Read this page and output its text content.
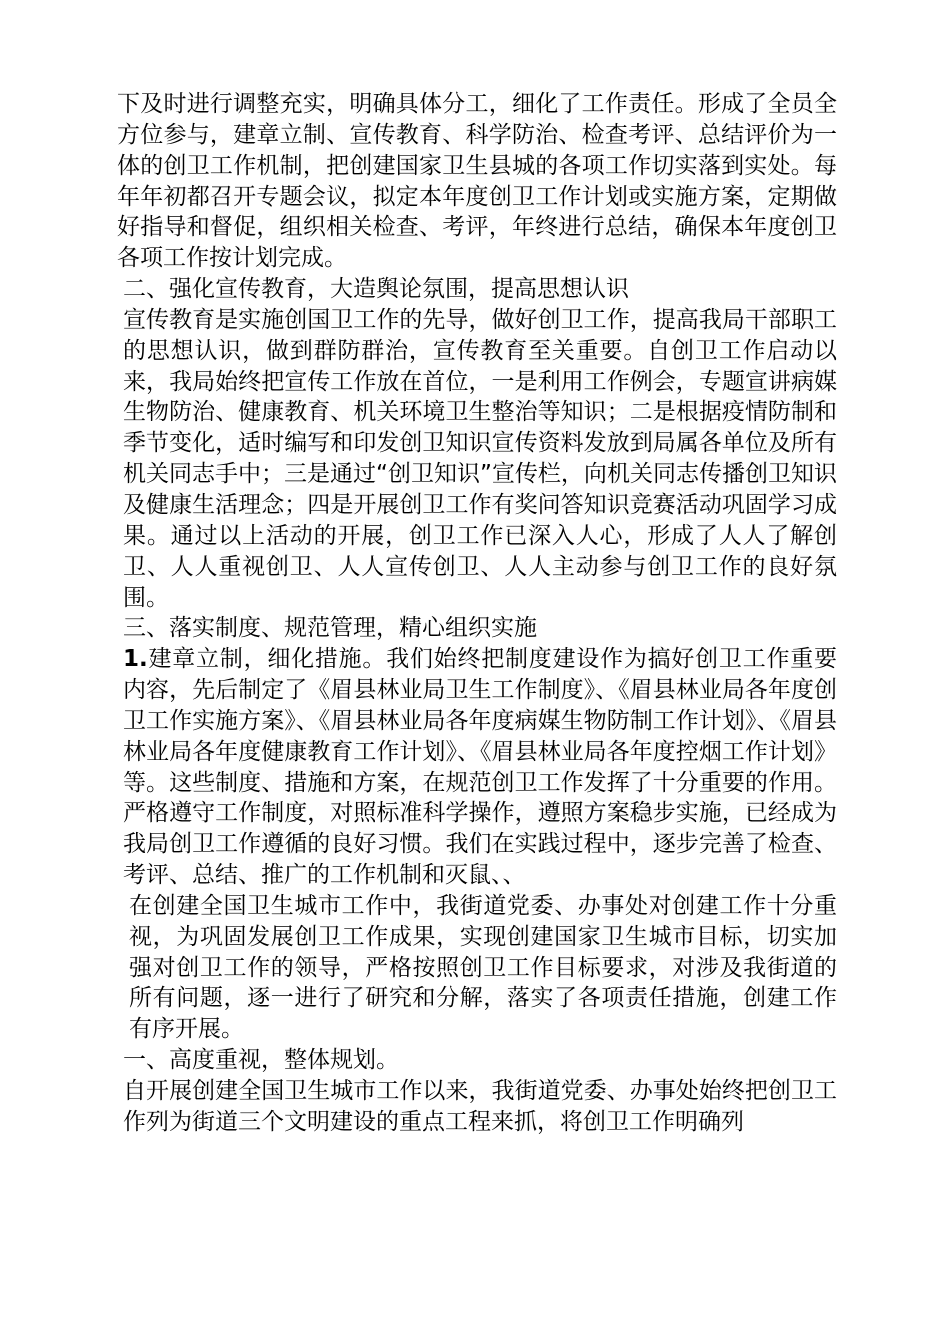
下及时进行调整充实，明确具体分工，细化了工作责任。形成了全员全方位参与，建章立制、宣传教育、科学防治、检查考评、总结评价为一体的创卫工作机制，把创建国家卫生县城的各项工作切实落到实处。每年年初都召开专题会议，拟定本年度创卫工作计划或实施方案，定期做好指导和督促，组织相关检查、考评，年终进行总结，确保本年度创卫各项工作按计划完成。

二、强化宣传教育，大造舆论氛围，提高思想认识

宣传教育是实施创国卫工作的先导，做好创卫工作，提高我局干部职工的思想认识，做到群防群治，宣传教育至关重要。自创卫工作启动以来，我局始终把宣传工作放在首位，一是利用工作例会，专题宣讲病媒生物防治、健康教育、机关环境卫生整治等知识；二是根据疫情防制和季节变化，适时编写和印发创卫知识宣传资料发放到局属各单位及所有机关同志手中；三是通过“创卫知识”宣传栏，向机关同志传播创卫知识及健康生活理念；四是开展创卫工作有奖问答知识竞赛活动巩固学习成果。通过以上活动的开展，创卫工作已深入人心，形成了人人了解创卫、人人重视创卫、人人宣传创卫、人人主动参与创卫工作的良好氛围。

三、落实制度、规范管理，精心组织实施

1.建章立制，细化措施。我们始终把制度建设作为搞好创卫工作重要内容，先后制定了《眉县林业局卫生工作制度》、《眉县林业局各年度创卫工作实施方案》、《眉县林业局各年度病媒生物防制工作计划》、《眉县林业局各年度健康教育工作计划》、《眉县林业局各年度控烟工作计划》等。这些制度、措施和方案，在规范创卫工作发挥了十分重要的作用。严格遵守工作制度，对照标准科学操作，遵照方案稳步实施，已经成为我局创卫工作遵循的良好习惯。我们在实践过程中，逐步完善了检查、考评、总结、推广的工作机制和灭鼠、、

在创建全国卫生城市工作中，我街道党委、办事处对创建工作十分重视，为巩固发展创卫工作成果，实现创建国家卫生城市目标，切实加强对创卫工作的领导，严格按照创卫工作目标要求，对涉及我街道的所有问题，逐一进行了研究和分解，落实了各项责任措施，创建工作有序开展。

一、高度重视，整体规划。

自开展创建全国卫生城市工作以来，我街道党委、办事处始终把创卫工作列为街道三个文明建设的重点工程来抓，将创卫工作明确列
